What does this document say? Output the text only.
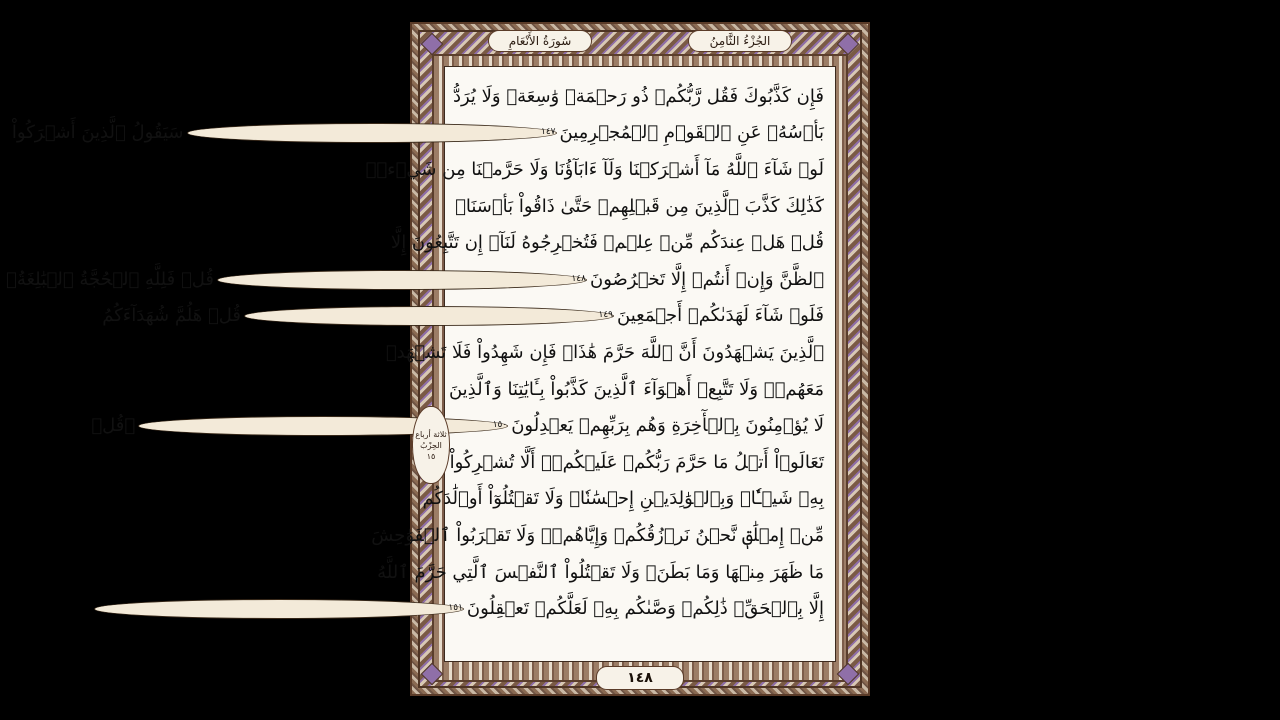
سُورَةُ الأَنْعَامِ	الجُزْءُ الثَّامِنُ
فَإِن كَذَّبُوكَ فَقُل رَّبُّكُمۡ ذُو رَحۡمَةٖ وَٰسِعَةٖ وَلَا يُرَدُّ
بَأۡسُهُۥ عَنِ ٱلۡقَوۡمِ ٱلۡمُجۡرِمِينَ١٤٧سَيَقُولُ ٱلَّذِينَ أَشۡرَكُواْ
لَوۡ شَآءَ ٱللَّهُ مَآ أَشۡرَكۡنَا وَلَآ ءَابَآؤُنَا وَلَا حَرَّمۡنَا مِن شَيۡءٖۚ
كَذَٰلِكَ كَذَّبَ ٱلَّذِينَ مِن قَبۡلِهِمۡ حَتَّىٰ ذَاقُواْ بَأۡسَنَاۗ
قُلۡ هَلۡ عِندَكُم مِّنۡ عِلۡمٖ فَتُخۡرِجُوهُ لَنَآۖ إِن تَتَّبِعُونَ إِلَّا
ٱلظَّنَّ وَإِنۡ أَنتُمۡ إِلَّا تَخۡرُصُونَ١٤٨قُلۡ فَلِلَّهِ ٱلۡحُجَّةُ ٱلۡبَٰلِغَةُۖ
فَلَوۡ شَآءَ لَهَدَىٰكُمۡ أَجۡمَعِينَ١٤٩قُلۡ هَلُمَّ شُهَدَآءَكُمُ
ٱلَّذِينَ يَشۡهَدُونَ أَنَّ ٱللَّهَ حَرَّمَ هَٰذَاۖ فَإِن شَهِدُواْ فَلَا تَشۡهَدۡ
مَعَهُمۡۚ وَلَا تَتَّبِعۡ أَهۡوَآءَ ٱلَّذِينَ كَذَّبُواْ بِـَٔايَٰتِنَا وَٱلَّذِينَ
لَا يُؤۡمِنُونَ بِٱلۡأٓخِرَةِ وَهُم بِرَبِّهِمۡ يَعۡدِلُونَ١٥٠۞قُلۡ
تَعَالَوۡاْ أَتۡلُ مَا حَرَّمَ رَبُّكُمۡ عَلَيۡكُمۡۖ أَلَّا تُشۡرِكُواْ
بِهِۦ شَيۡـٔٗاۖ وَبِٱلۡوَٰلِدَيۡنِ إِحۡسَٰنٗاۖ وَلَا تَقۡتُلُوٓاْ أَوۡلَٰدَكُم
مِّنۡ إِمۡلَٰقٖ نَّحۡنُ نَرۡزُقُكُمۡ وَإِيَّاهُمۡۖ وَلَا تَقۡرَبُواْ ٱلۡفَوَٰحِشَ
مَا ظَهَرَ مِنۡهَا وَمَا بَطَنَۖ وَلَا تَقۡتُلُواْ ٱلنَّفۡسَ ٱلَّتِي حَرَّمَ ٱللَّهُ
إِلَّا بِٱلۡحَقِّۚ ذَٰلِكُمۡ وَصَّىٰكُم بِهِۦ لَعَلَّكُمۡ تَعۡقِلُونَ١٥١
ثلاثة أرباع
الحِزْبُ
١٥
١٤٨
